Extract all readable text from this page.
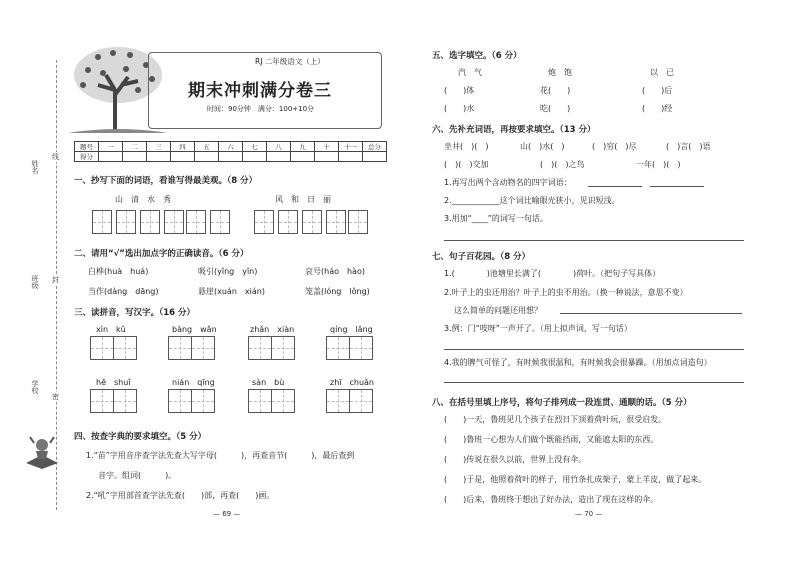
姓名
班级
学校
线
封
密
RJ 二年级语文（上）
期末冲刺满分卷三
时间：90分钟　满分：100+10分
题号	一	二	三	四	五	六	七	八	九	十	十一	总分
得分												
一、抄写下面的词语，看谁写得最美观。（8 分）
山　清　水　秀	风　和　日　丽
二、请用“√”选出加点字的正确读音。（6 分）
白桦(huà　huá)	吸引(yǐng　yǐn)	哀号(háo　hào)
当作(dàng　dāng)	悬崖(xuán　xián)	笼盖(lóng　lǒng)
三、读拼音，写汉字。（16 分）
xìn　kǔ	bàng　wǎn	zhǎn　xiàn	qíng　lǎng
hē　shuǐ	nián　qīng	sàn　bù	zhī　chuǎn
四、按查字典的要求填空。（5 分）
1.“苗”字用音序查字法先查大写字母(　　　)，再查音节(　　　)，最后查到
音字。组词(　　　)。
2.“吼”字用部首查字法先查(　　)部，再查(　　)画。
— 69 —
五、选字填空。（6 分）
汽　气	炮　饱	以　已
(　　)体	花(　　)	(　　)后
(　　)水	吃(　　)	(　　)经
六、先补充词语，再按要求填空。（13 分）
坐井(　)(　)	山(　)水(　)	(　)穷(　)尽	(　)言(　)语
(　)(　)交加	(　)(　)之鸟	一年(　)(　)
1.再写出两个含动物名的四字词语：
2.____________这个词比喻眼光狭小，见识短浅。
3.用加“____”的词写一句话。
七、句子百花园。（8 分）
1.(　　　　)池塘里长满了(　　　　)荷叶。（把句子写具体）
2.叶子上的虫还用治？叶子上的虫不用治。（换一种说法，意思不变）
这么简单的问题还用想？
3.例：门“吱呀”一声开了。（用上拟声词，写一句话）
4.我的脾气可怪了，有时候我很温和，有时候我会很暴躁。（用加点词造句）
八、在括号里填上序号，将句子排列成一段连贯、通顺的话。（5 分）
(　　)一天，鲁班见几个孩子在烈日下顶着荷叶玩，很受启发。
(　　)鲁班一心想为人们做个既能挡雨，又能遮太阳的东西。
(　　)传说在很久以前，世界上没有伞。
(　　)于是，他照着荷叶的样子，用竹条扎成架子，蒙上羊皮，做了起来。
(　　)后来，鲁班终于想出了好办法，造出了现在这样的伞。
— 70 —
